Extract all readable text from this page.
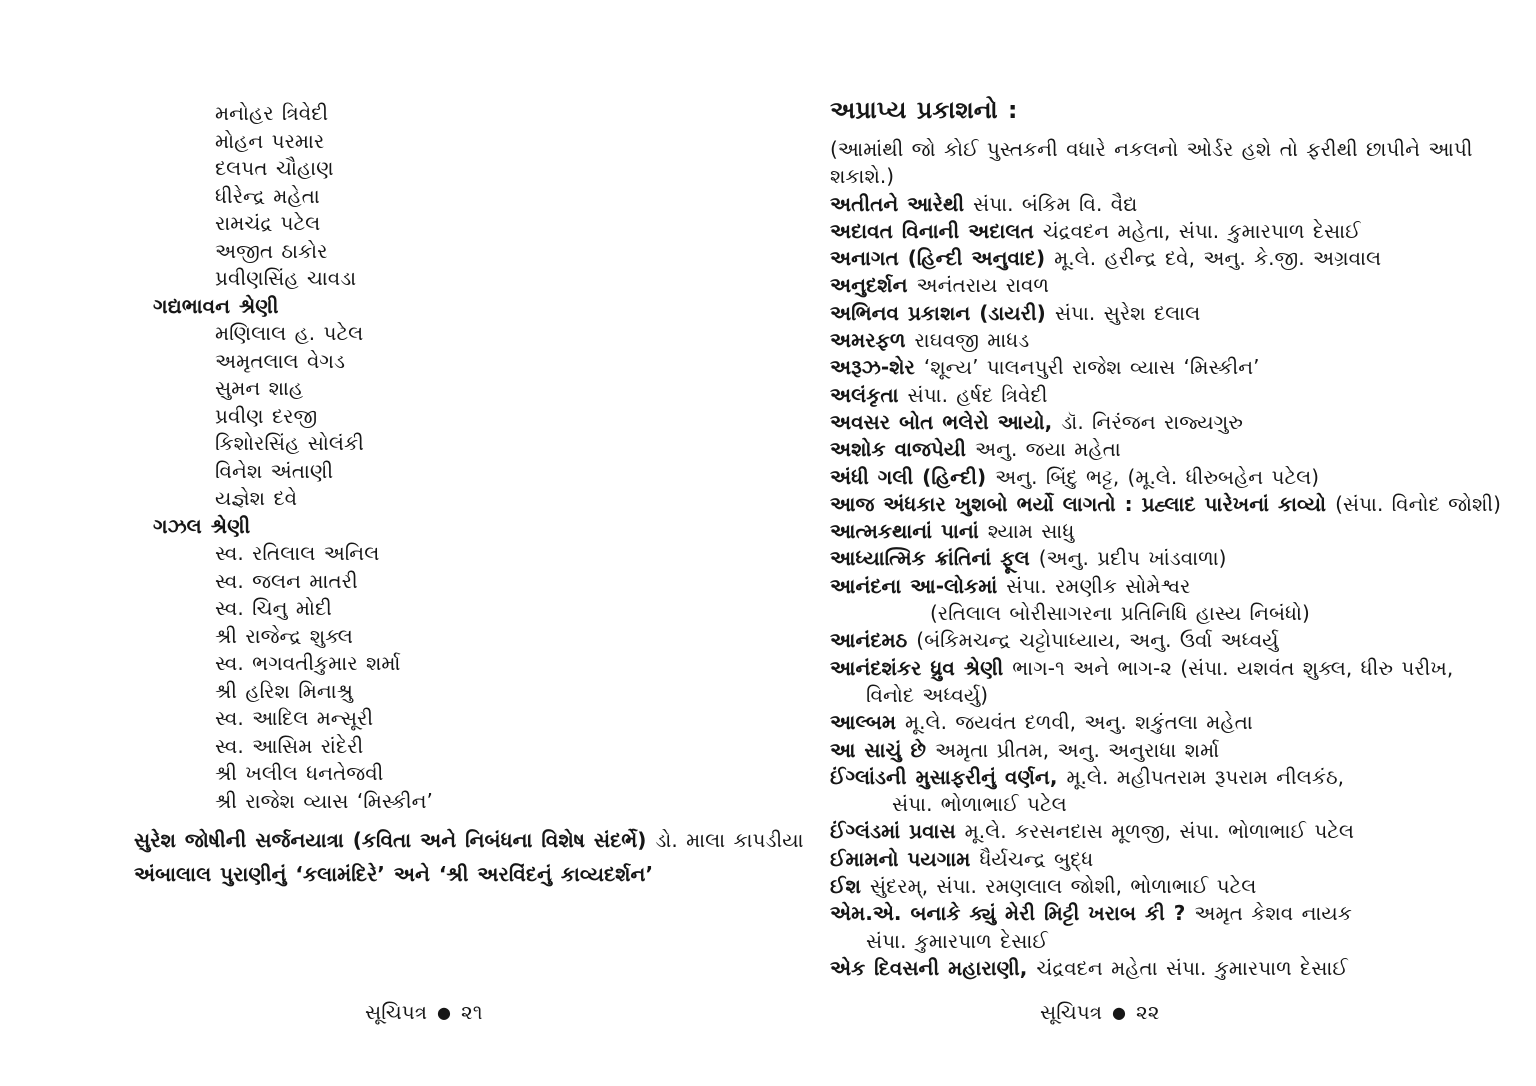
મનોહર ત્રિવેદી
મોહન પરમાર
દલપત ચૌહાણ
ધીરેન્દ્ર મહેતા
રામચંદ્ર પટેલ
અજીત ઠાકોર
પ્રવીણસિંહ ચાવડા
ગદ્યભાવન શ્રેણી
મણિલાલ હ. પટેલ
અમૃતલાલ વેગડ
સુમન શાહ
પ્રવીણ દરજી
કિશોરસિંહ સોલંકી
વિનેશ અંતાણી
યજ્ઞેશ દવે
ગઝલ શ્રેણી
સ્વ. રતિલાલ અનિલ
સ્વ. જલન માતરી
સ્વ. ચિનુ મોદી
શ્રી રાજેન્દ્ર શુક્લ
સ્વ. ભગવતીકુમાર શર્મા
શ્રી હરિશ મિનાશ્રુ
સ્વ. આદિલ મન્સૂરી
સ્વ. આસિમ રાંદેરી
શ્રી ખલીલ ધનતેજવી
શ્રી રાજેશ વ્યાસ ‘મિસ્કીન’
સુરેશ જોષીની સર્જનયાત્રા (કવિતા અને નિબંધના વિશેષ સંદર્ભે) ડો. માલા કાપડીયા
અંબાલાલ પુરાણીનું ‘કલામંદિરે’ અને ‘શ્રી અરવિંદનું કાવ્યદર્શન’
અપ્રાપ્ય પ્રકાશનો :
(આમાંથી જો કોઈ પુસ્તકની વધારે નકલનો ઓર્ડર હશે તો ફરીથી છાપીને આપી
શકાશે.)
અતીતને આરેથી સંપા. બંકિમ વિ. વૈદ્ય
અદાવત વિનાની અદાલત ચંદ્રવદન મહેતા, સંપા. કુમારપાળ દેસાઈ
અનાગત (હિન્દી અનુવાદ) મૂ.લે. હરીન્દ્ર દવે, અનુ. કે.જી. અગ્રવાલ
અનુદર્શન અનંતરાય રાવળ
અભિનવ પ્રકાશન (ડાયરી) સંપા. સુરેશ દલાલ
અમરફળ રાઘવજી માધડ
અરૂઝ-શેર ‘શૂન્ય’ પાલનપુરી રાજેશ વ્યાસ ‘મિસ્કીન’
અલંકૃતા સંપા. હર્ષદ ત્રિવેદી
અવસર બોત ભલેરો આયો, ડૉ. નિરંજન રાજ્યગુરુ
અશોક વાજપેયી અનુ. જયા મહેતા
અંધી ગલી (હિન્દી) અનુ. બિંદુ ભટ્ટ, (મૂ.લે. ધીરુબહેન પટેલ)
આજ અંધકાર ખુશબો ભર્યો લાગતો : પ્રહ્લાદ પારેખનાં કાવ્યો (સંપા. વિનોદ જોશી)
આત્મકથાનાં પાનાં શ્યામ સાધુ
આધ્યાત્મિક ક્રાંતિનાં ફૂલ (અનુ. પ્રદીપ ખાંડવાળા)
આનંદના આ-લોકમાં સંપા. રમણીક સોમેશ્વર
(રતિલાલ બોરીસાગરના પ્રતિનિધિ હાસ્ય નિબંધો)
આનંદમઠ (બંકિમચન્દ્ર ચટ્ટોપાધ્યાય, અનુ. ઉર્વા અધ્વર્યુ
આનંદશંકર ધ્રુવ શ્રેણી ભાગ-૧ અને ભાગ-૨ (સંપા. યશવંત શુક્લ, ધીરુ પરીખ,
વિનોદ અધ્વર્યુ)
આલ્બમ મૂ.લે. જયવંત દળવી, અનુ. શકુંતલા મહેતા
આ સાચું છે અમૃતા પ્રીતમ, અનુ. અનુરાધા શર્મા
ઈંગ્લાંડની મુસાફરીનું વર્ણન, મૂ.લે. મહીપતરામ રૂપરામ નીલકંઠ,
સંપા. ભોળાભાઈ પટેલ
ઈંગ્લંડમાં પ્રવાસ મૂ.લે. કરસનદાસ મૂળજી, સંપા. ભોળાભાઈ પટેલ
ઈમામનો પયગામ ધૈર્યચન્દ્ર બુદ્ધ
ઈશ સુંદરમ્, સંપા. રમણલાલ જોશી, ભોળાભાઈ પટેલ
એમ.એ. બનાકે ક્યું મેરી મિટ્ટી ખરાબ કી ? અમૃત કેશવ નાયક
સંપા. કુમારપાળ દેસાઈ
એક દિવસની મહારાણી, ચંદ્રવદન મહેતા સંપા. કુમારપાળ દેસાઈ
સૂચિપત્ર ● ૨૧	સૂચિપત્ર ● ૨૨
